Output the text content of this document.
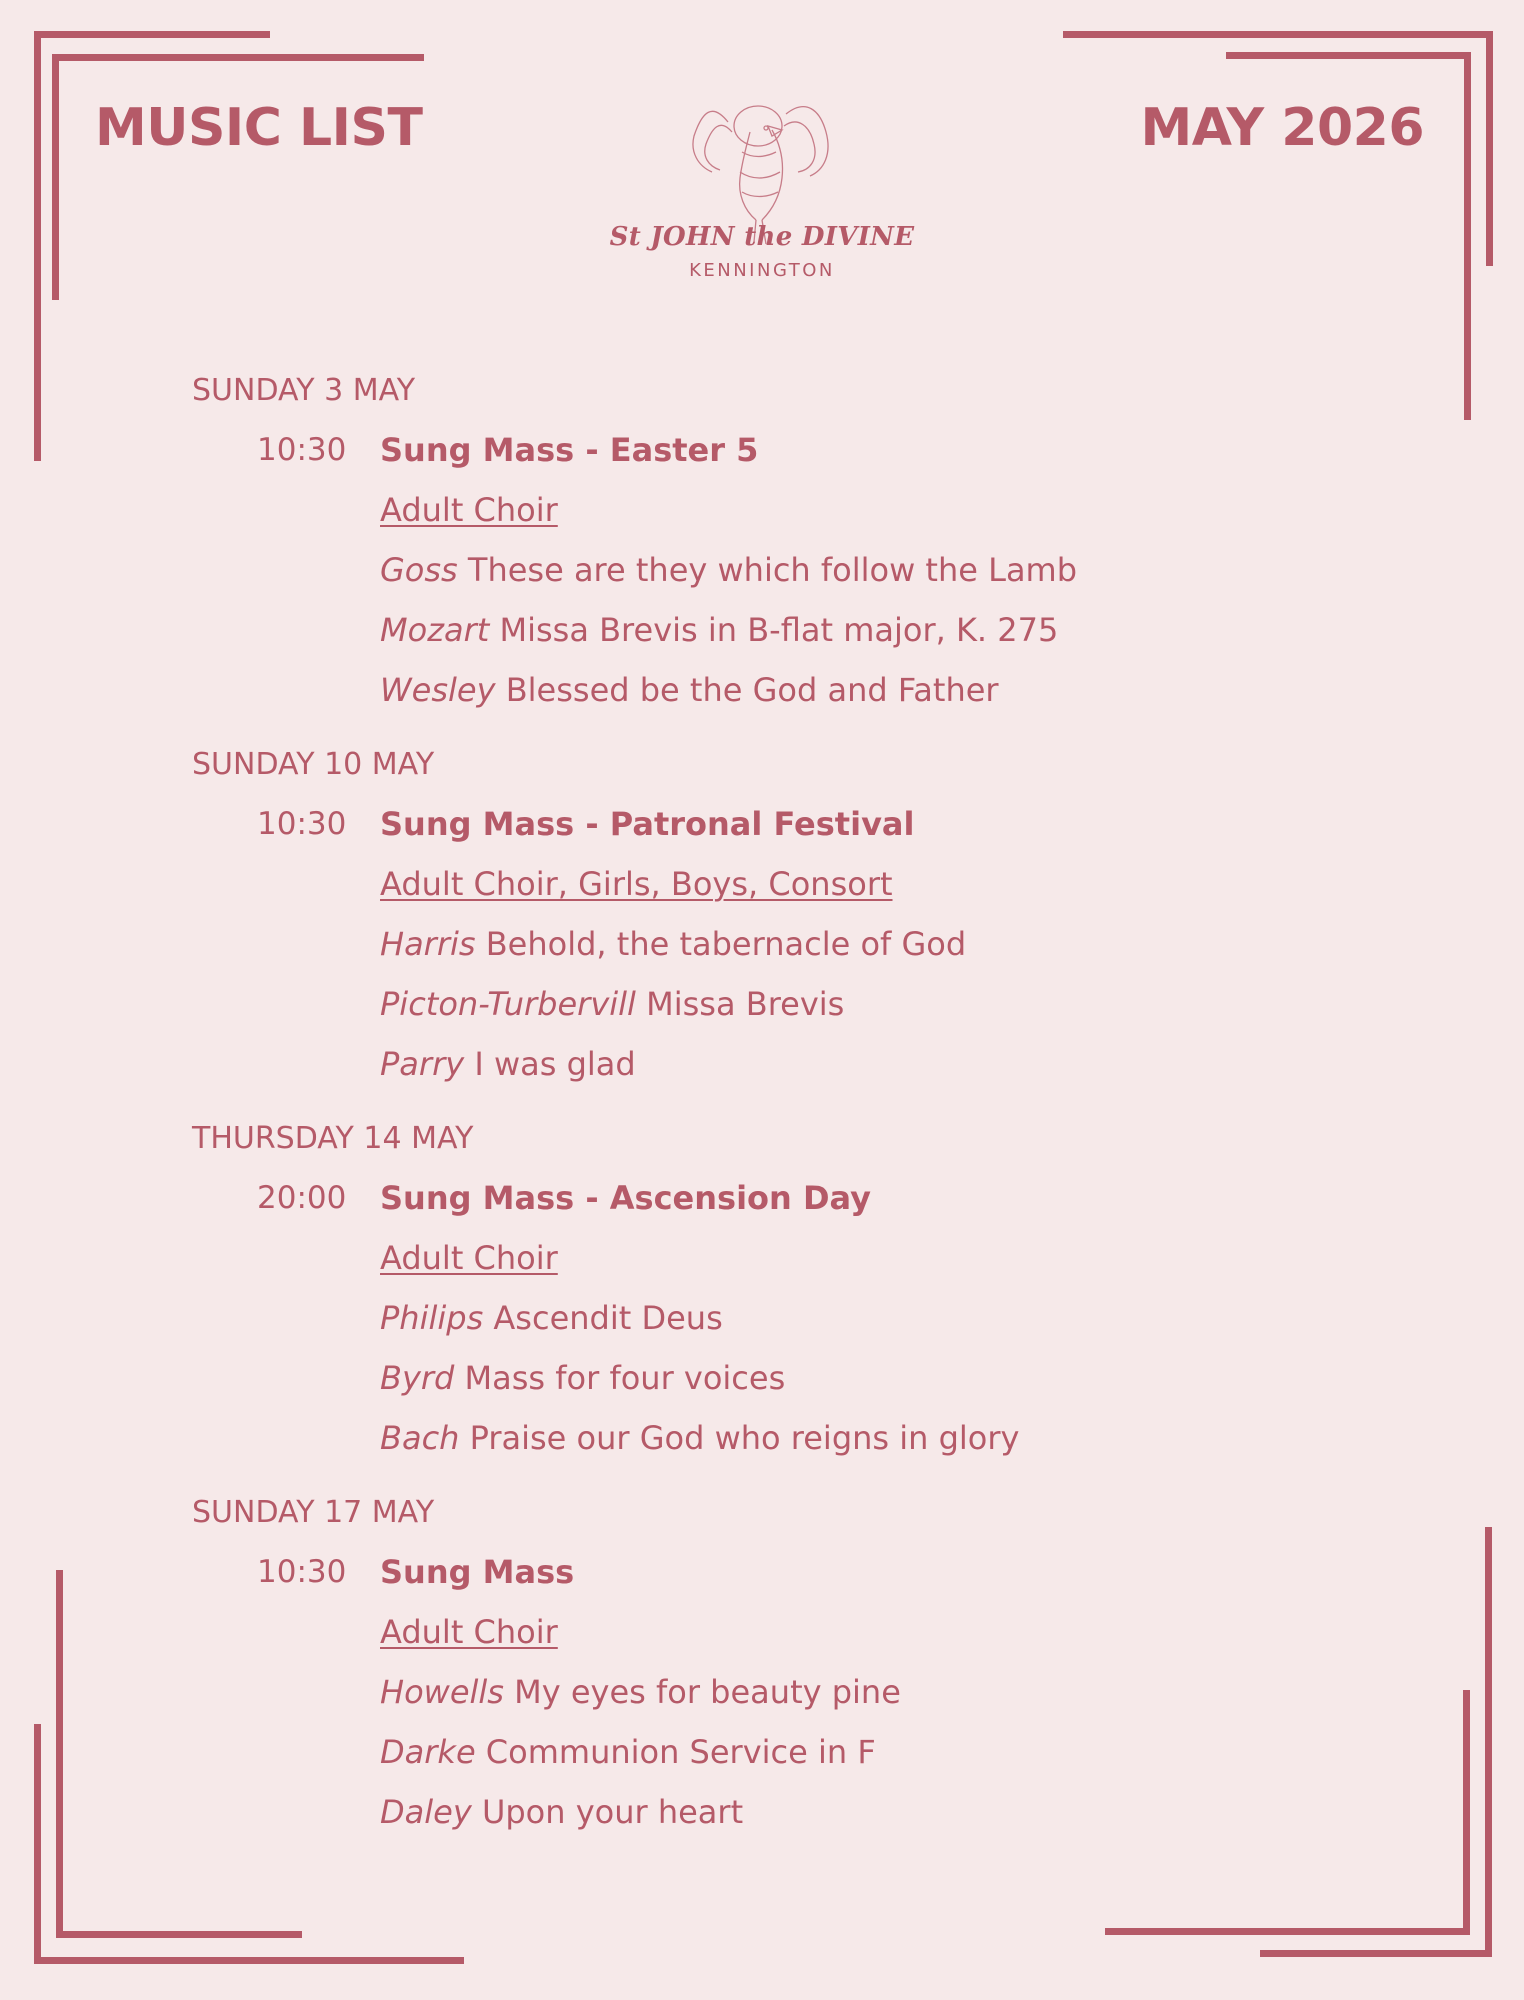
MUSIC LIST	MAY 2026
St JOHN the DIVINE
KENNINGTON
SUNDAY 3 MAY
10:30	Sung Mass - Easter 5
Adult Choir
Goss These are they which follow the Lamb
Mozart Missa Brevis in B-flat major, K. 275
Wesley Blessed be the God and Father
SUNDAY 10 MAY
10:30	Sung Mass - Patronal Festival
Adult Choir, Girls, Boys, Consort
Harris Behold, the tabernacle of God
Picton-Turbervill Missa Brevis
Parry I was glad
THURSDAY 14 MAY
20:00	Sung Mass - Ascension Day
Adult Choir
Philips Ascendit Deus
Byrd Mass for four voices
Bach Praise our God who reigns in glory
SUNDAY 17 MAY
10:30	Sung Mass
Adult Choir
Howells My eyes for beauty pine
Darke Communion Service in F
Daley Upon your heart
